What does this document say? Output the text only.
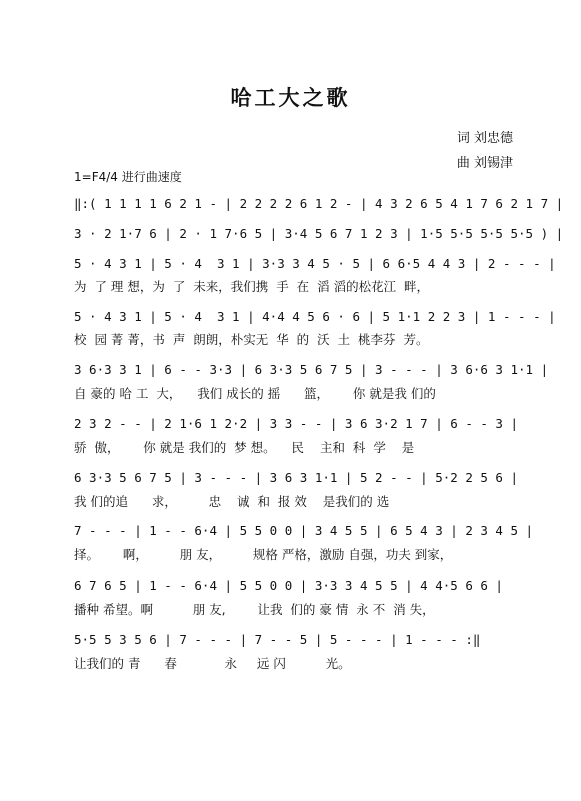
哈工大之歌
词 刘忠德
曲 刘锡津
1=F4/4 进行曲速度
‖:( 1 1 1 1 6 2 1 - | 2 2 2 2 6 1 2 - | 4 3 2 6 5 4 1 7 6 2 1 7 |
3 · 2 1·7 6 | 2 · 1 7·6 5 | 3·4 5 6 7 1 2 3 | 1·5 5·5 5·5 5·5 ) |
5 · 4 3 1 | 5 · 4  3 1 | 3·3 3 4 5 · 5 | 6 6·5 4 4 3 | 2 - - - |
为  了 理 想，为  了  未来，我们携  手  在  滔 滔的松花江  畔，
5 · 4 3 1 | 5 · 4  3 1 | 4·4 4 5 6 · 6 | 5 1·1 2 2 3 | 1 - - - |
校  园 菁 菁，书  声  朗朗，朴实无  华  的  沃  土  桃李芬  芳。
3 6·3 3 1 | 6 - - 3·3 | 6 3·3 5 6 7 5 | 3 - - - | 3 6·6 3 1·1 |
自 豪的 哈 工  大，    我们 成长的 摇      篮，      你 就是我 们的
2 3 2 - - | 2 1·6 1 2·2 | 3 3 - - | 3 6 3·2 1 7 | 6 - - 3 |
骄  傲，      你 就是 我们的  梦 想。    民    主和  科  学    是
6 3·3 5 6 7 5 | 3 - - - | 3 6 3 1·1 | 5 2 - - | 5·2 2 5 6 |
我 们的追      求，        忠    诚  和  报 效    是我们的 选
7 - - - | 1 - - 6·4 | 5 5 0 0 | 3 4 5 5 | 6 5 4 3 | 2 3 4 5 |
择。      啊，        朋 友，        规格 严格，激励 自强，功夫 到家，
6 7 6 5 | 1 - - 6·4 | 5 5 0 0 | 3·3 3 4 5 5 | 4 4·5 6 6 |
播种 希望。啊          朋 友,        让我  们的 豪 情  永 不  消 失，
5·5 5 3 5 6 | 7 - - - | 7 - - 5 | 5 - - - | 1 - - - :‖
让我们的 青      春            永     远 闪          光。
